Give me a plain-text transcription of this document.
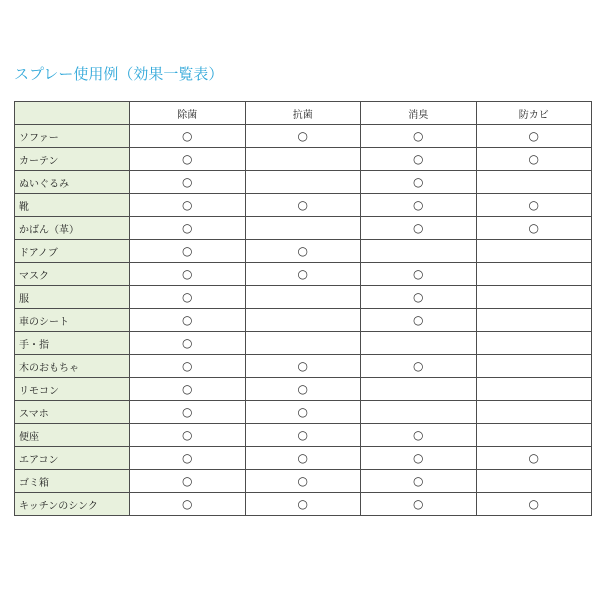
スプレー使用例（効果一覧表）
	除菌	抗菌	消臭	防カビ
ソファー	○	○	○	○
カーテン	○		○	○
ぬいぐるみ	○		○	
靴	○	○	○	○
かばん（革）	○		○	○
ドアノブ	○	○		
マスク	○	○	○	
服	○		○	
車のシート	○		○	
手・指	○			
木のおもちゃ	○	○	○	
リモコン	○	○		
スマホ	○	○		
便座	○	○	○	
エアコン	○	○	○	○
ゴミ箱	○	○	○	
キッチンのシンク	○	○	○	○
